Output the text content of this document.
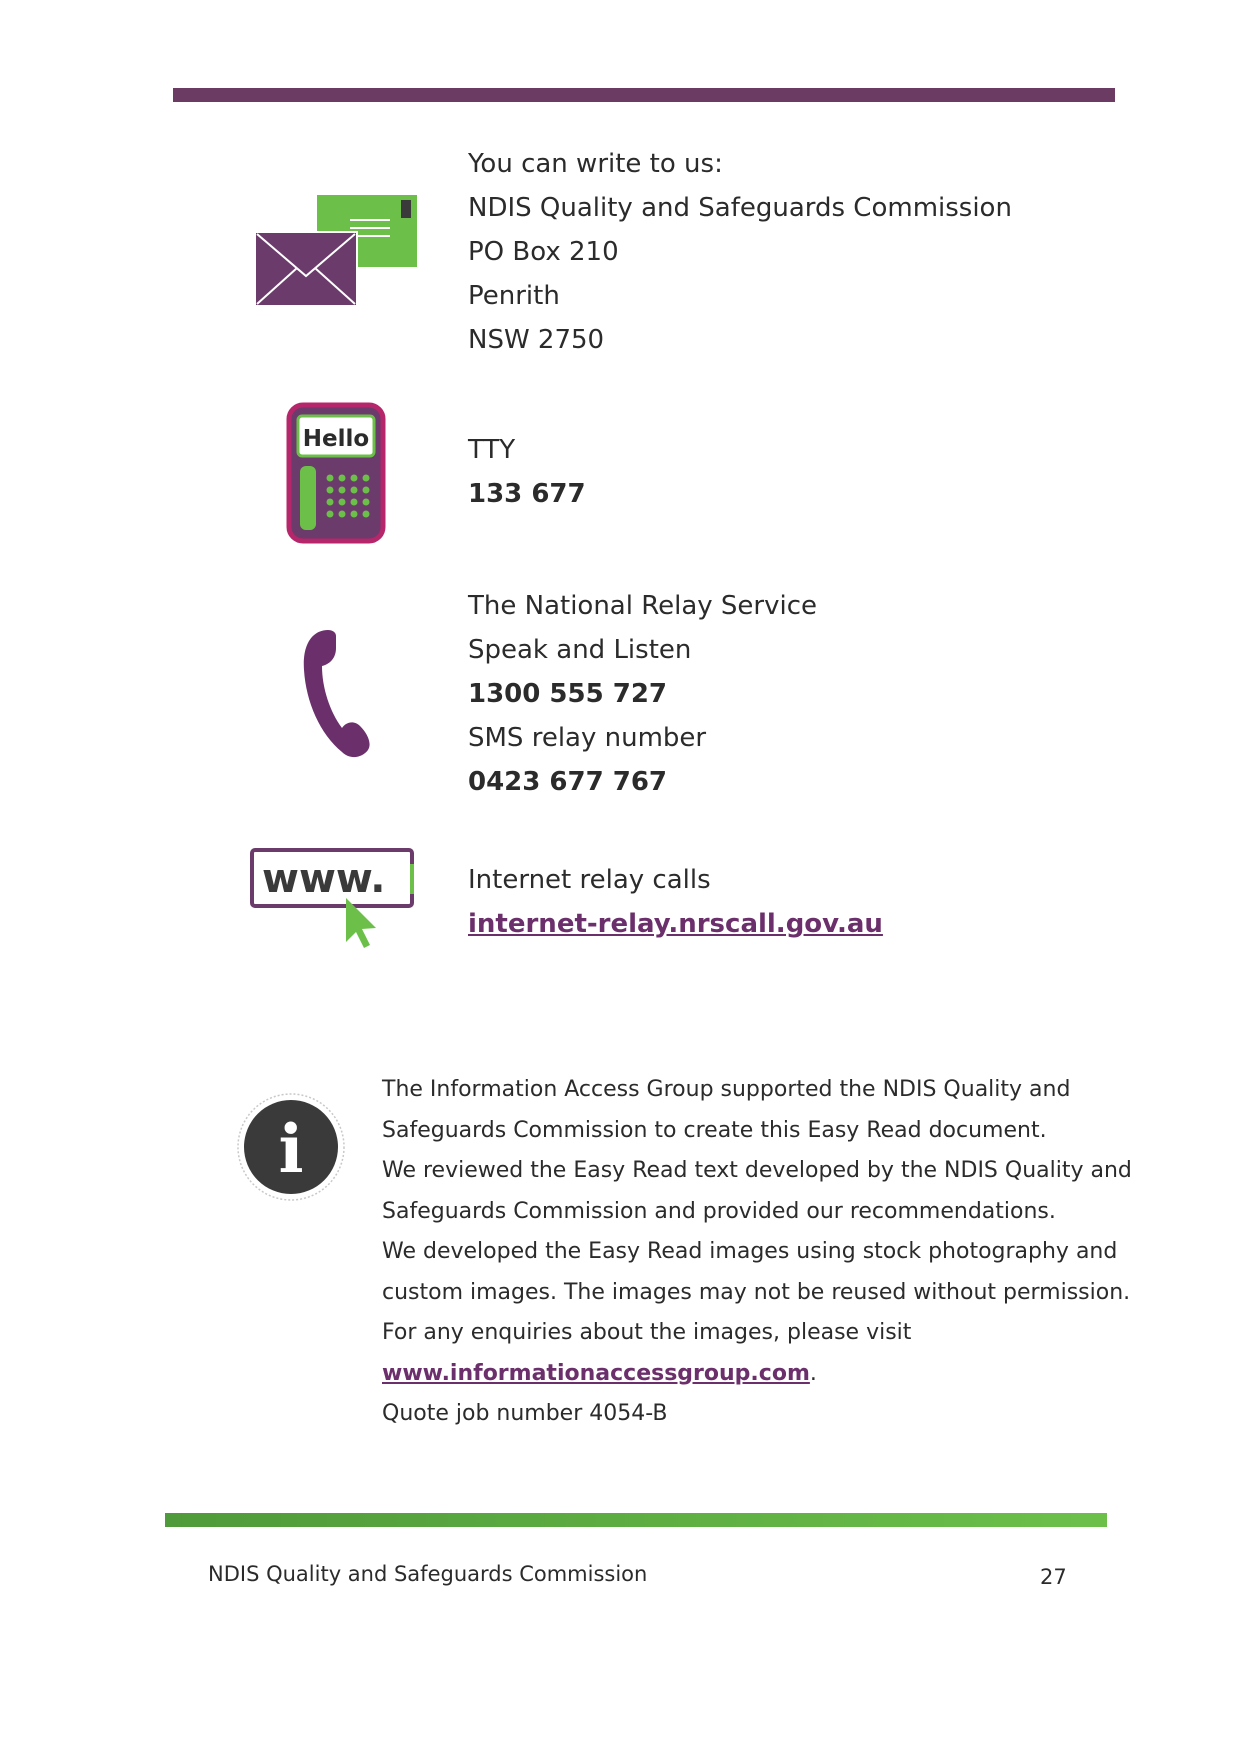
You can write to us:
NDIS Quality and Safeguards Commission
PO Box 210
Penrith
NSW 2750
Hello	TTY
133 677
The National Relay Service
Speak and Listen
1300 555 727
SMS relay number
0423 677 767
www.	Internet relay calls
internet-relay.nrscall.gov.au
i
The Information Access Group supported the NDIS Quality and
Safeguards Commission to create this Easy Read document.
We reviewed the Easy Read text developed by the NDIS Quality and
Safeguards Commission and provided our recommendations.
We developed the Easy Read images using stock photography and
custom images. The images may not be reused without permission.
For any enquiries about the images, please visit
www.informationaccessgroup.com.
Quote job number 4054-B
NDIS Quality and Safeguards Commission	27
